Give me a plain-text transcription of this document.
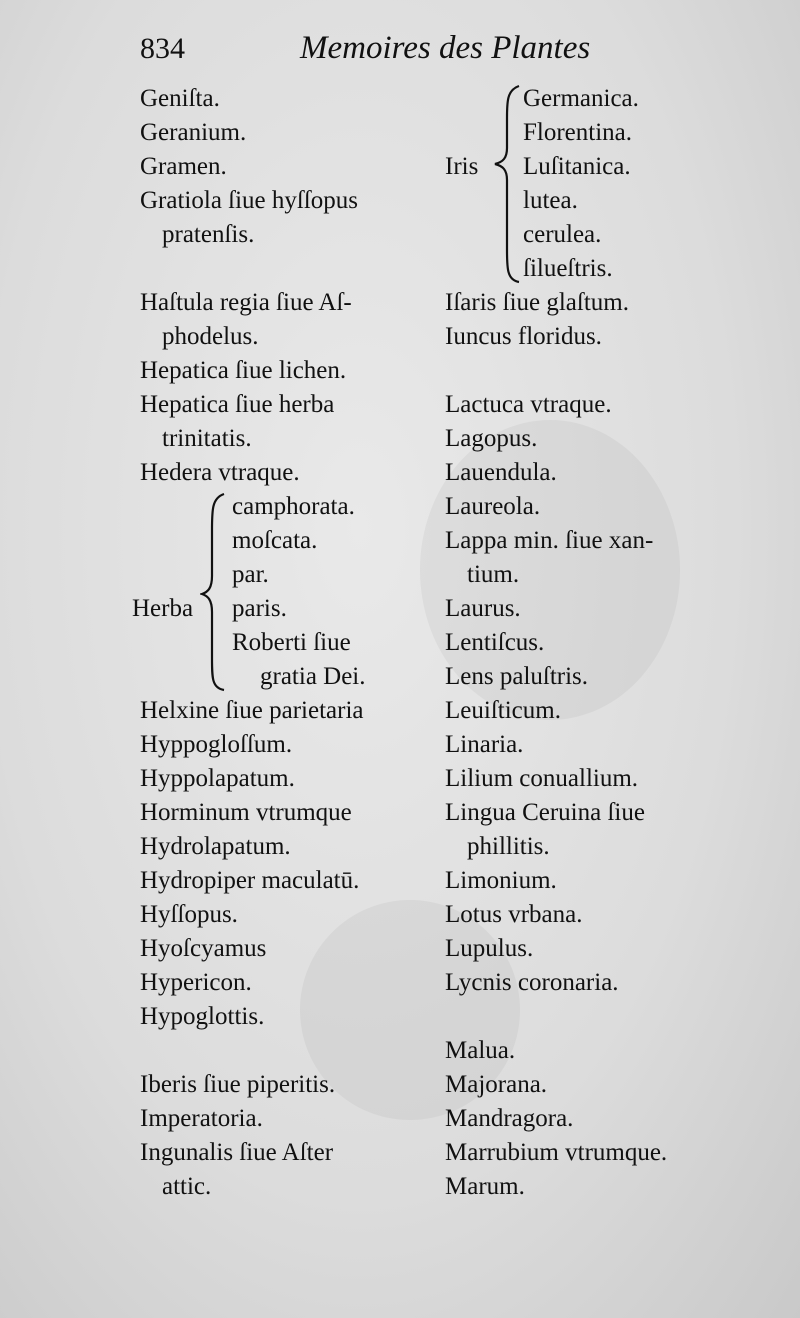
834	Memoires des Plantes

Geniſta.

Geranium.

Gramen.

Gratiola ſiue hyſſopus
pratenſis.

Haſtula regia ſiue Aſ-
phodelus.

Hepatica ſiue lichen.

Hepatica ſiue herba
trinitatis.

Hedera vtraque.

Herba

camphorata.

moſcata.

par.

paris.

Roberti ſiue
gratia Dei.

Helxine ſiue parietaria

Hyppogloſſum.

Hyppolapatum.

Horminum vtrumque

Hydrolapatum.

Hydropiper maculatū.

Hyſſopus.

Hyoſcyamus

Hypericon.

Hypoglottis.

Iberis ſiue piperitis.

Imperatoria.

Ingunalis ſiue Aſter
attic.

Iris

Germanica.

Florentina.

Luſitanica.

lutea.

cerulea.

ſilueſtris.

Iſaris ſiue glaſtum.

Iuncus floridus.

Lactuca vtraque.

Lagopus.

Lauendula.

Laureola.

Lappa min. ſiue xan-
tium.

Laurus.

Lentiſcus.

Lens paluſtris.

Leuiſticum.

Linaria.

Lilium conuallium.

Lingua Ceruina ſiue
phillitis.

Limonium.

Lotus vrbana.

Lupulus.

Lycnis coronaria.

Malua.

Majorana.

Mandragora.

Marrubium vtrumque.

Marum.
